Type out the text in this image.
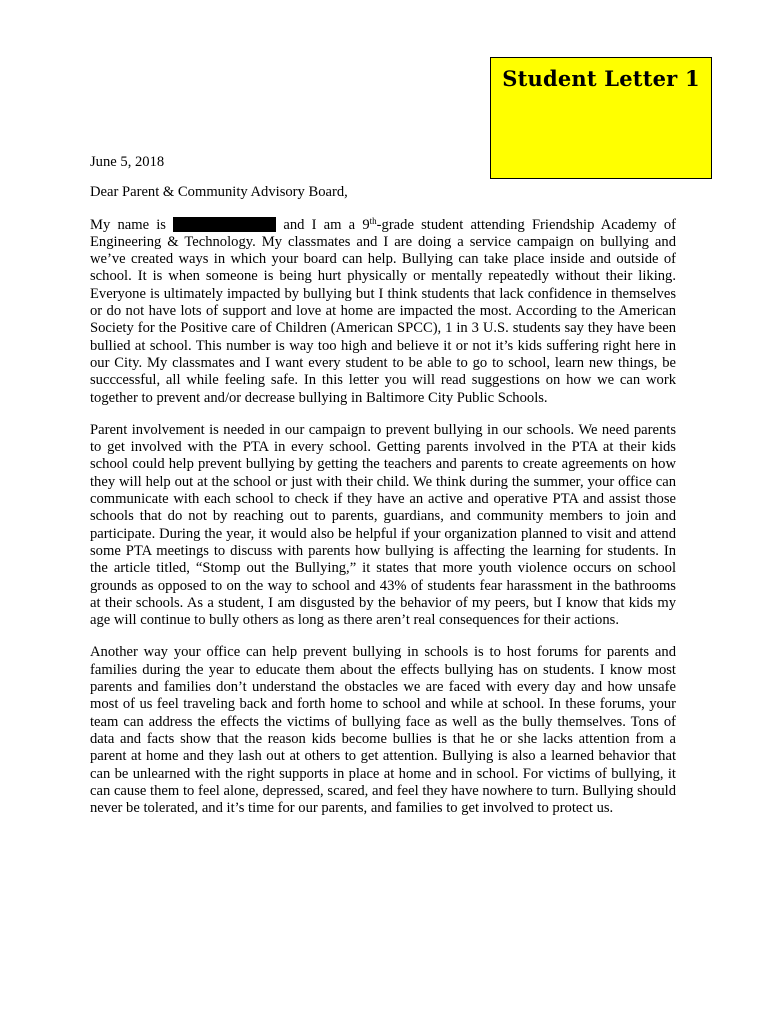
Student Letter 1

June 5, 2018

Dear Parent & Community Advisory Board,

My name is	and I am a 9th-grade student attending Friendship Academy of Engineering & Technology. My classmates and I are doing a service campaign on bullying and we’ve created ways in which your board can help. Bullying can take place inside and outside of school. It is when someone is being hurt physically or mentally repeatedly without their liking. Everyone is ultimately impacted by bullying but I think students that lack confidence in themselves or do not have lots of support and love at home are impacted the most. According to the American Society for the Positive care of Children (American SPCC), 1 in 3 U.S. students say they have been bullied at school. This number is way too high and believe it or not it’s kids suffering right here in our City. My classmates and I want every student to be able to go to school, learn new things, be succcessful, all while feeling safe. In this letter you will read suggestions on how we can work together to prevent and/or decrease bullying in Baltimore City Public Schools.

Parent involvement is needed in our campaign to prevent bullying in our schools. We need parents to get involved with the PTA in every school. Getting parents involved in the PTA at their kids school could help prevent bullying by getting the teachers and parents to create agreements on how they will help out at the school or just with their child. We think during the summer, your office can communicate with each school to check if they have an active and operative PTA and assist those schools that do not by reaching out to parents, guardians, and community members to join and participate. During the year, it would also be helpful if your organization planned to visit and attend some PTA meetings to discuss with parents how bullying is affecting the learning for students. In the article titled, “Stomp out the Bullying,” it states that more youth violence occurs on school grounds as opposed to on the way to school and 43% of students fear harassment in the bathrooms at their schools. As a student, I am disgusted by the behavior of my peers, but I know that kids my age will continue to bully others as long as there aren’t real consequences for their actions.

Another way your office can help prevent bullying in schools is to host forums for parents and families during the year to educate them about the effects bullying has on students. I know most parents and families don’t understand the obstacles we are faced with every day and how unsafe most of us feel traveling back and forth home to school and while at school. In these forums, your team can address the effects the victims of bullying face as well as the bully themselves. Tons of data and facts show that the reason kids become bullies is that he or she lacks attention from a parent at home and they lash out at others to get attention. Bullying is also a learned behavior that can be unlearned with the right supports in place at home and in school. For victims of bullying, it can cause them to feel alone, depressed, scared, and feel they have nowhere to turn. Bullying should never be tolerated, and it’s time for our parents, and families to get involved to protect us.
